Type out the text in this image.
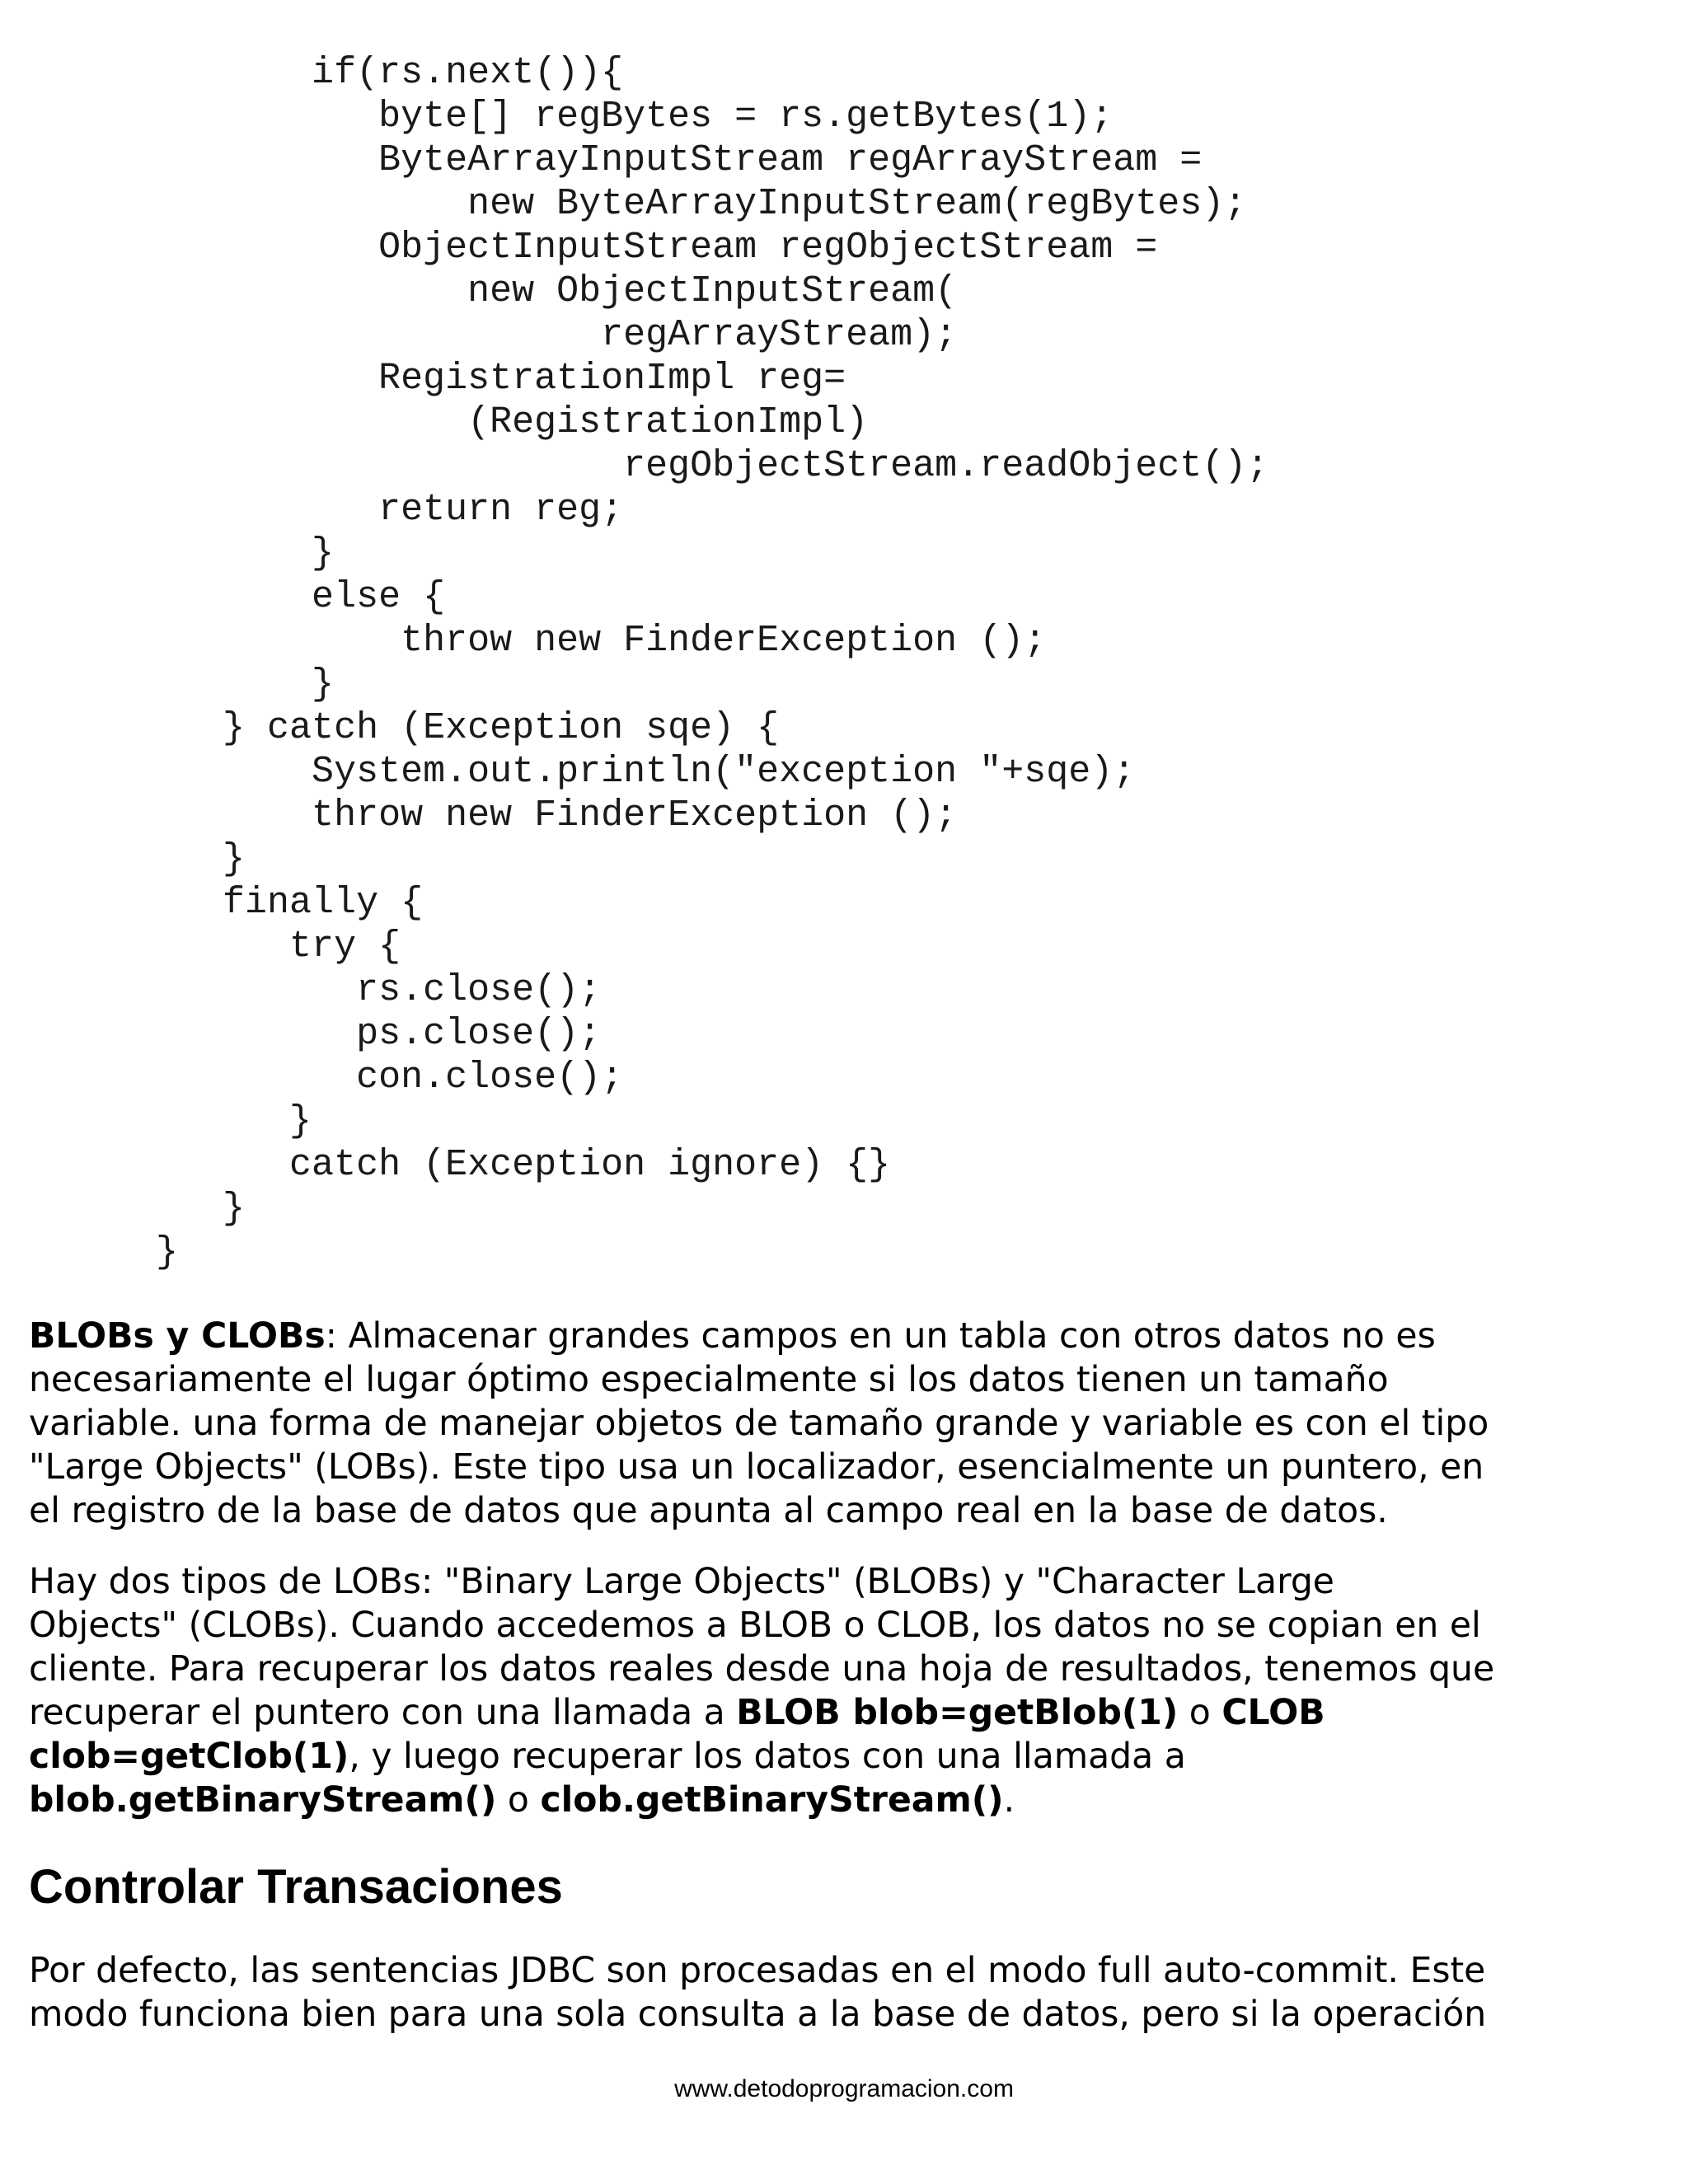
if(rs.next()){
byte[] regBytes = rs.getBytes(1);
ByteArrayInputStream regArrayStream =
new ByteArrayInputStream(regBytes);
ObjectInputStream regObjectStream =
new ObjectInputStream(
regArrayStream);
RegistrationImpl reg=
(RegistrationImpl)
regObjectStream.readObject();
return reg;
}
else {
throw new FinderException ();
}
} catch (Exception sqe) {
System.out.println("exception "+sqe);
throw new FinderException ();
}
finally {
try {
rs.close();
ps.close();
con.close();
}
catch (Exception ignore) {}
}
}

BLOBs y CLOBs: Almacenar grandes campos en un tabla con otros datos no es
necesariamente el lugar óptimo especialmente si los datos tienen un tamaño
variable. una forma de manejar objetos de tamaño grande y variable es con el tipo
"Large Objects" (LOBs). Este tipo usa un localizador, esencialmente un puntero, en
el registro de la base de datos que apunta al campo real en la base de datos.

Hay dos tipos de LOBs: "Binary Large Objects" (BLOBs) y "Character Large
Objects" (CLOBs). Cuando accedemos a BLOB o CLOB, los datos no se copian en el
cliente. Para recuperar los datos reales desde una hoja de resultados, tenemos que
recuperar el puntero con una llamada a BLOB blob=getBlob(1) o CLOB
clob=getClob(1), y luego recuperar los datos con una llamada a
blob.getBinaryStream() o clob.getBinaryStream().

Controlar Transaciones

Por defecto, las sentencias JDBC son procesadas en el modo full auto-commit. Este
modo funciona bien para una sola consulta a la base de datos, pero si la operación

www.detodoprogramacion.com
